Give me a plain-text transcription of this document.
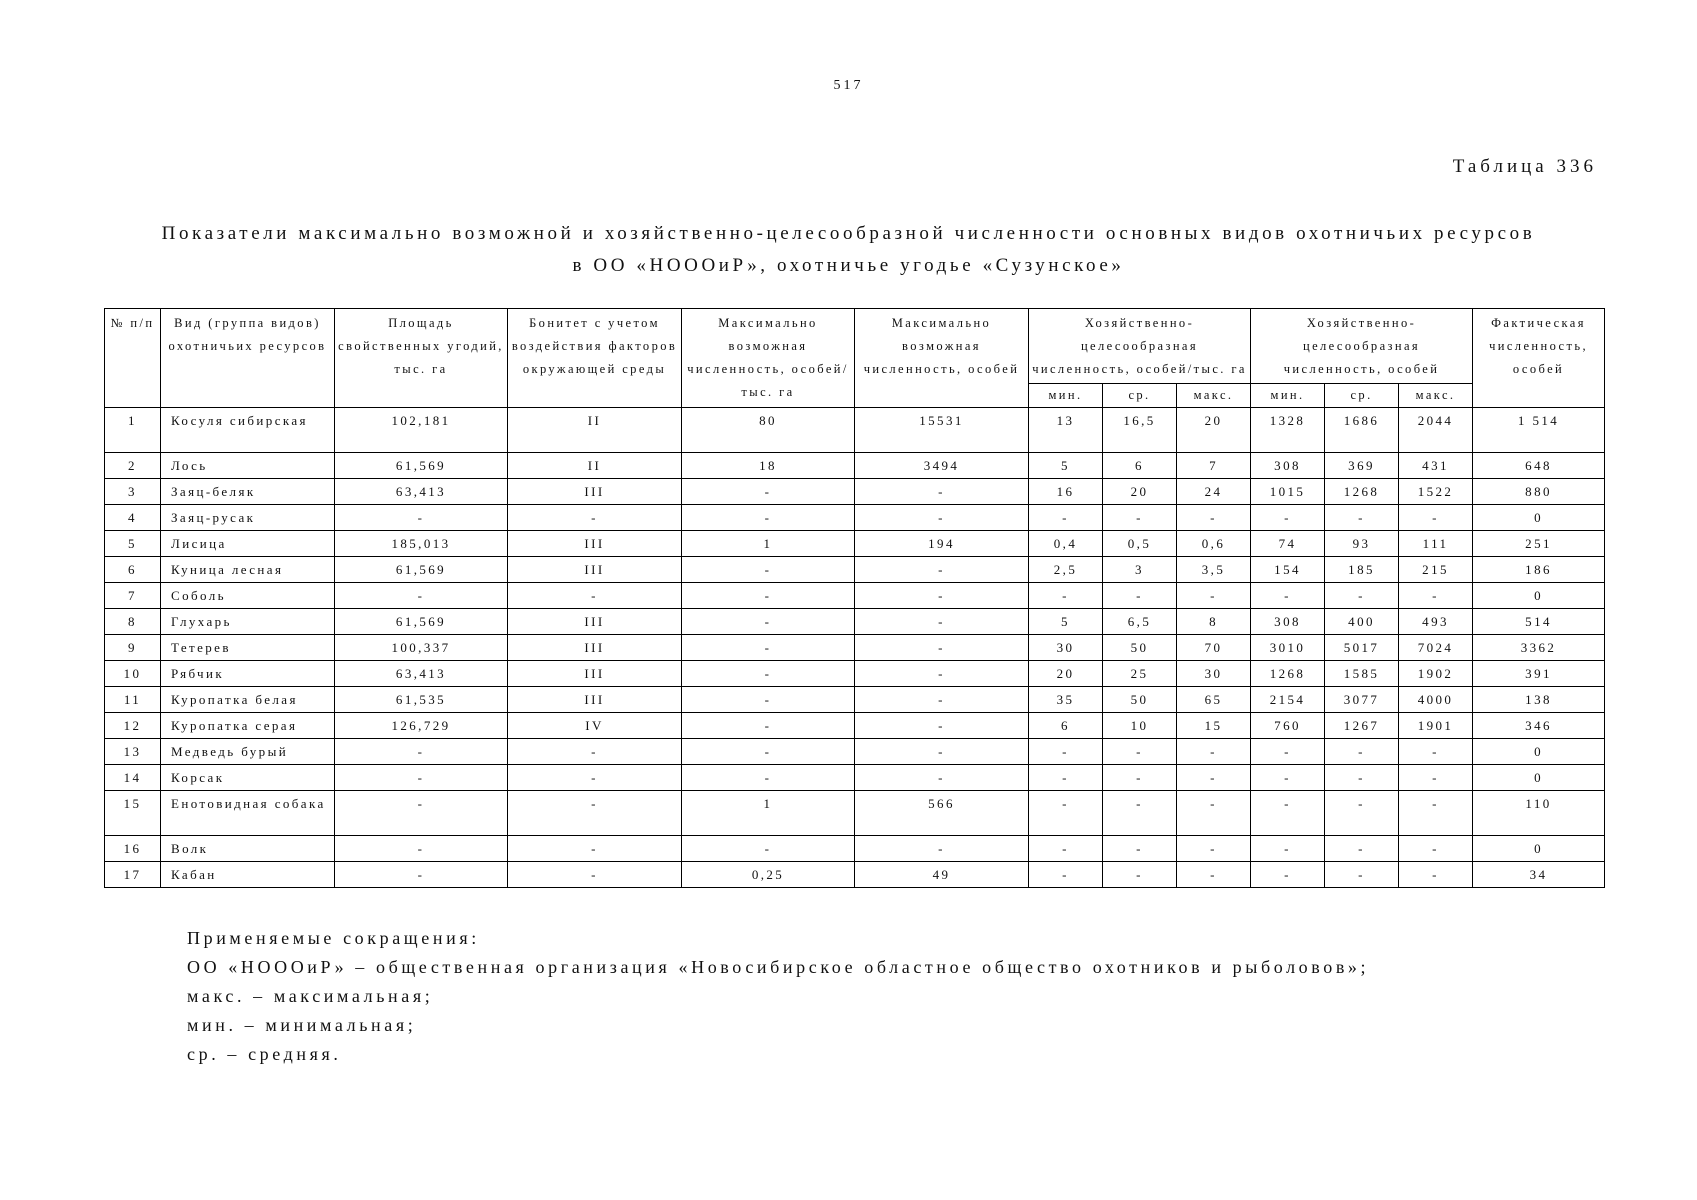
517
Таблица 336
Показатели максимально возможной и хозяйственно-целесообразной численности основных видов охотничьих ресурсов
в ОО «НОООиР», охотничье угодье «Сузунское»
№ п/п	Вид (группа видов) охотничьих ресурсов	Площадь свойственных угодий, тыс. га	Бонитет с учетом воздействия факторов окружающей среды	Максимально возможная численность, особей/тыс. га	Максимально возможная численность, особей	Хозяйственно-целесообразная численность, особей/тыс. га			Хозяйственно-целесообразная численность, особей			Фактическая численность, особей
						мин.	ср.	макс.	мин.	ср.	макс.	
1	Косуля сибирская	102,181	II	80	15531	13	16,5	20	1328	1686	2044	1 514
2	Лось	61,569	II	18	3494	5	6	7	308	369	431	648
3	Заяц-беляк	63,413	III	-	-	16	20	24	1015	1268	1522	880
4	Заяц-русак	-	-	-	-	-	-	-	-	-	-	0
5	Лисица	185,013	III	1	194	0,4	0,5	0,6	74	93	111	251
6	Куница лесная	61,569	III	-	-	2,5	3	3,5	154	185	215	186
7	Соболь	-	-	-	-	-	-	-	-	-	-	0
8	Глухарь	61,569	III	-	-	5	6,5	8	308	400	493	514
9	Тетерев	100,337	III	-	-	30	50	70	3010	5017	7024	3362
10	Рябчик	63,413	III	-	-	20	25	30	1268	1585	1902	391
11	Куропатка белая	61,535	III	-	-	35	50	65	2154	3077	4000	138
12	Куропатка серая	126,729	IV	-	-	6	10	15	760	1267	1901	346
13	Медведь бурый	-	-	-	-	-	-	-	-	-	-	0
14	Корсак	-	-	-	-	-	-	-	-	-	-	0
15	Енотовидная собака	-	-	1	566	-	-	-	-	-	-	110
16	Волк	-	-	-	-	-	-	-	-	-	-	0
17	Кабан	-	-	0,25	49	-	-	-	-	-	-	34
Применяемые сокращения:
ОО «НОООиР» – общественная организация «Новосибирское областное общество охотников и рыболовов»;
макс. – максимальная;
мин. – минимальная;
ср. – средняя.
